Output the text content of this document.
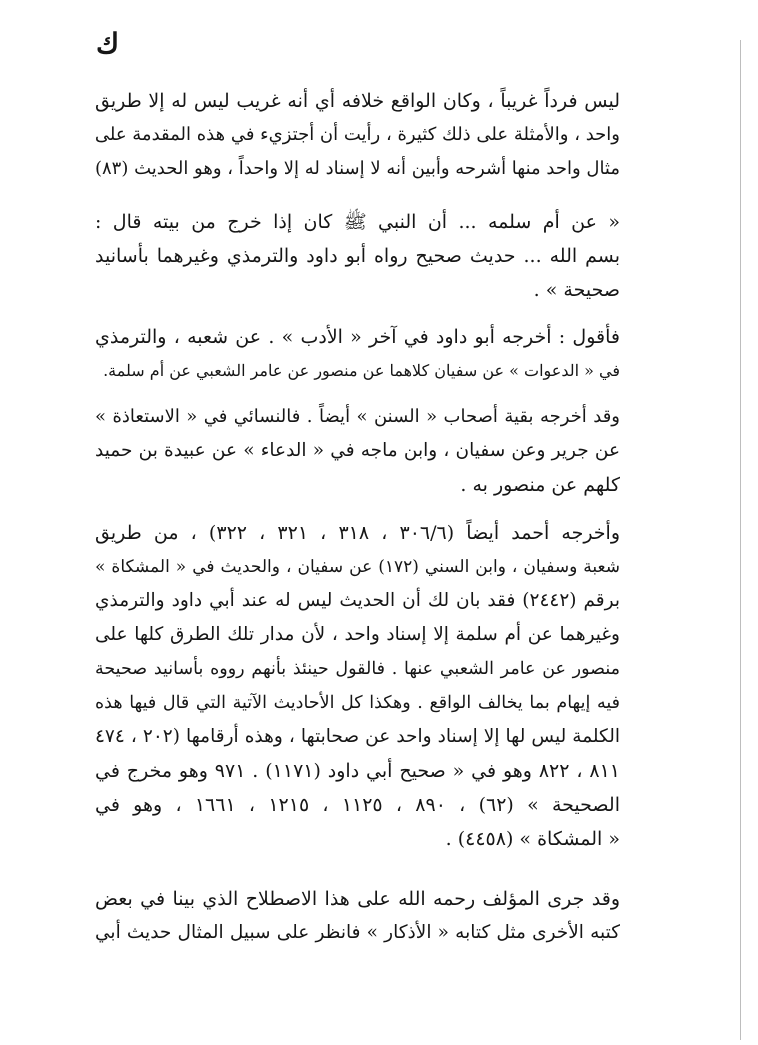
ك
ليس فرداً غريباً ، وكان الواقع خلافه أي أنه غريب ليس له إلا طريق
واحد ، والأمثلة على ذلك كثيرة ، رأيت أن أجتزيء في هذه المقدمة على
مثال واحد منها أشرحه وأبين أنه لا إسناد له إلا واحداً ، وهو الحديث (٨٣)
« عن أم سلمه ... أن النبي ﷺ كان إذا خرج من بيته قال :
بسم الله ... حديث صحيح رواه أبو داود والترمذي وغيرهما بأسانيد
صحيحة » .
فأقول : أخرجه أبو داود في آخر « الأدب » . عن شعبه ، والترمذي
في « الدعوات » عن سفيان كلاهما عن منصور عن عامر الشعبي عن أم سلمة.
وقد أخرجه بقية أصحاب « السنن » أيضاً . فالنسائي في « الاستعاذة »
عن جرير وعن سفيان ، وابن ماجه في « الدعاء » عن عبيدة بن حميد
كلهم عن منصور به .
وأخرجه أحمد أيضاً (٣٠٦/٦ ، ٣١٨ ، ٣٢١ ، ٣٢٢) ، من طريق
شعبة وسفيان ، وابن السني (١٧٢) عن سفيان ، والحديث في « المشكاة »
برقم (٢٤٤٢) فقد بان لك أن الحديث ليس له عند أبي داود والترمذي
وغيرهما عن أم سلمة إلا إسناد واحد ، لأن مدار تلك الطرق كلها على
منصور عن عامر الشعبي عنها . فالقول حينئذ بأنهم رووه بأسانيد صحيحة
فيه إيهام بما يخالف الواقع . وهكذا كل الأحاديث الآتية التي قال فيها هذه
الكلمة ليس لها إلا إسناد واحد عن صحابتها ، وهذه أرقامها (٢٠٢ ، ٤٧٤
٨١١ ، ٨٢٢ وهو في « صحيح أبي داود (١١٧١) . ٩٧١ وهو مخرج في
الصحيحة » (٦٢) ، ٨٩٠ ، ١١٢٥ ، ١٢١٥ ، ١٦٦١ ، وهو في
« المشكاة » (٤٤٥٨) .
وقد جرى المؤلف رحمه الله على هذا الاصطلاح الذي بينا في بعض
كتبه الأخرى مثل كتابه « الأذكار » فانظر على سبيل المثال حديث أبي
